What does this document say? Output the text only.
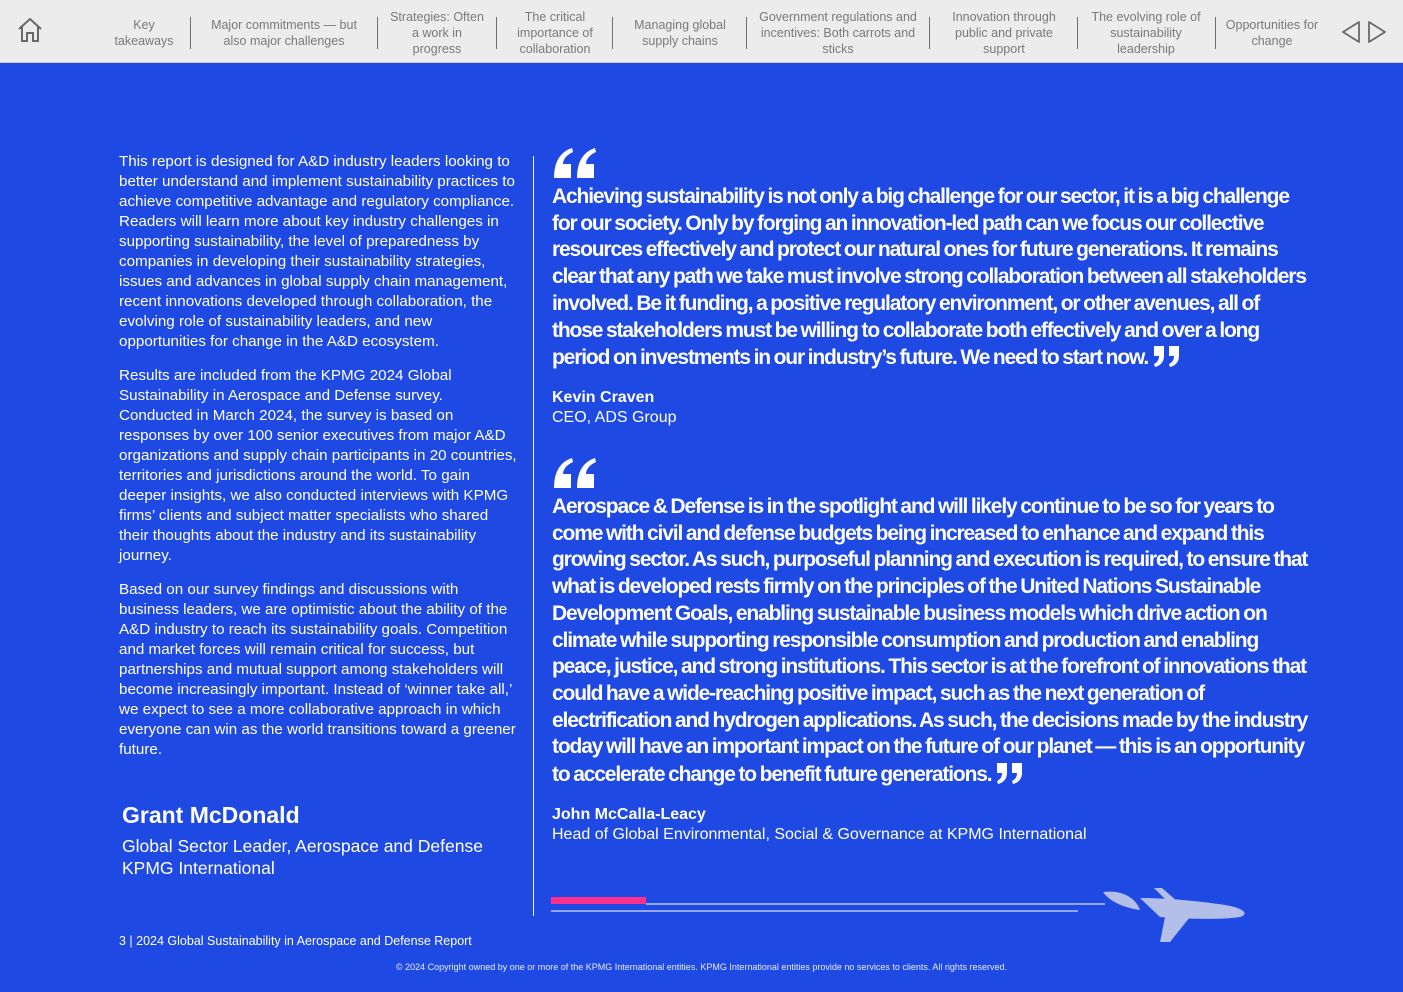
Key takeaways
Major commitments — but also major challenges
Strategies: Often a work in progress
The critical importance of collaboration
Managing global supply chains
Government regulations and incentives: Both carrots and sticks
Innovation through public and private support
The evolving role of sustainability leadership
Opportunities for change

This report is designed for A&D industry leaders looking to better understand and implement sustainability practices to achieve competitive advantage and regulatory compliance. Readers will learn more about key industry challenges in supporting sustainability, the level of preparedness by companies in developing their sustainability strategies, issues and advances in global supply chain management, recent innovations developed through collaboration, the evolving role of sustainability leaders, and new opportunities for change in the A&D ecosystem.

Results are included from the KPMG 2024 Global Sustainability in Aerospace and Defense survey. Conducted in March 2024, the survey is based on responses by over 100 senior executives from major A&D organizations and supply chain participants in 20 countries, territories and jurisdictions around the world. To gain deeper insights, we also conducted interviews with KPMG firms’ clients and subject matter specialists who shared their thoughts about the industry and its sustainability journey.

Based on our survey findings and discussions with business leaders, we are optimistic about the ability of the A&D industry to reach its sustainability goals. Competition and market forces will remain critical for success, but partnerships and mutual support among stakeholders will become increasingly important. Instead of ‘winner take all,’ we expect to see a more collaborative approach in which everyone can win as the world transitions toward a greener future.

Grant McDonald
Global Sector Leader, Aerospace and Defense
KPMG International
Achieving sustainability is not only a big challenge for our sector, it is a big challenge for our society. Only by forging an innovation-led path can we focus our collective resources effectively and protect our natural ones for future generations. It remains clear that any path we take must involve strong collaboration between all stakeholders involved. Be it funding, a positive regulatory environment, or other avenues, all of those stakeholders must be willing to collaborate both effectively and over a long period on investments in our industry’s future. We need to start now.
Kevin Craven
CEO, ADS Group
Aerospace & Defense is in the spotlight and will likely continue to be so for years to come with civil and defense budgets being increased to enhance and expand this growing sector. As such, purposeful planning and execution is required, to ensure that what is developed rests firmly on the principles of the United Nations Sustainable Development Goals, enabling sustainable business models which drive action on climate while supporting responsible consumption and production and enabling peace, justice, and strong institutions. This sector is at the forefront of innovations that could have a wide-reaching positive impact, such as the next generation of electrification and hydrogen applications. As such, the decisions made by the industry today will have an important impact on the future of our planet — this is an opportunity to accelerate change to benefit future generations.
John McCalla-Leacy
Head of Global Environmental, Social & Governance at KPMG International
3 | 2024 Global Sustainability in Aerospace and Defense Report
© 2024 Copyright owned by one or more of the KPMG International entities. KPMG International entities provide no services to clients. All rights reserved.
